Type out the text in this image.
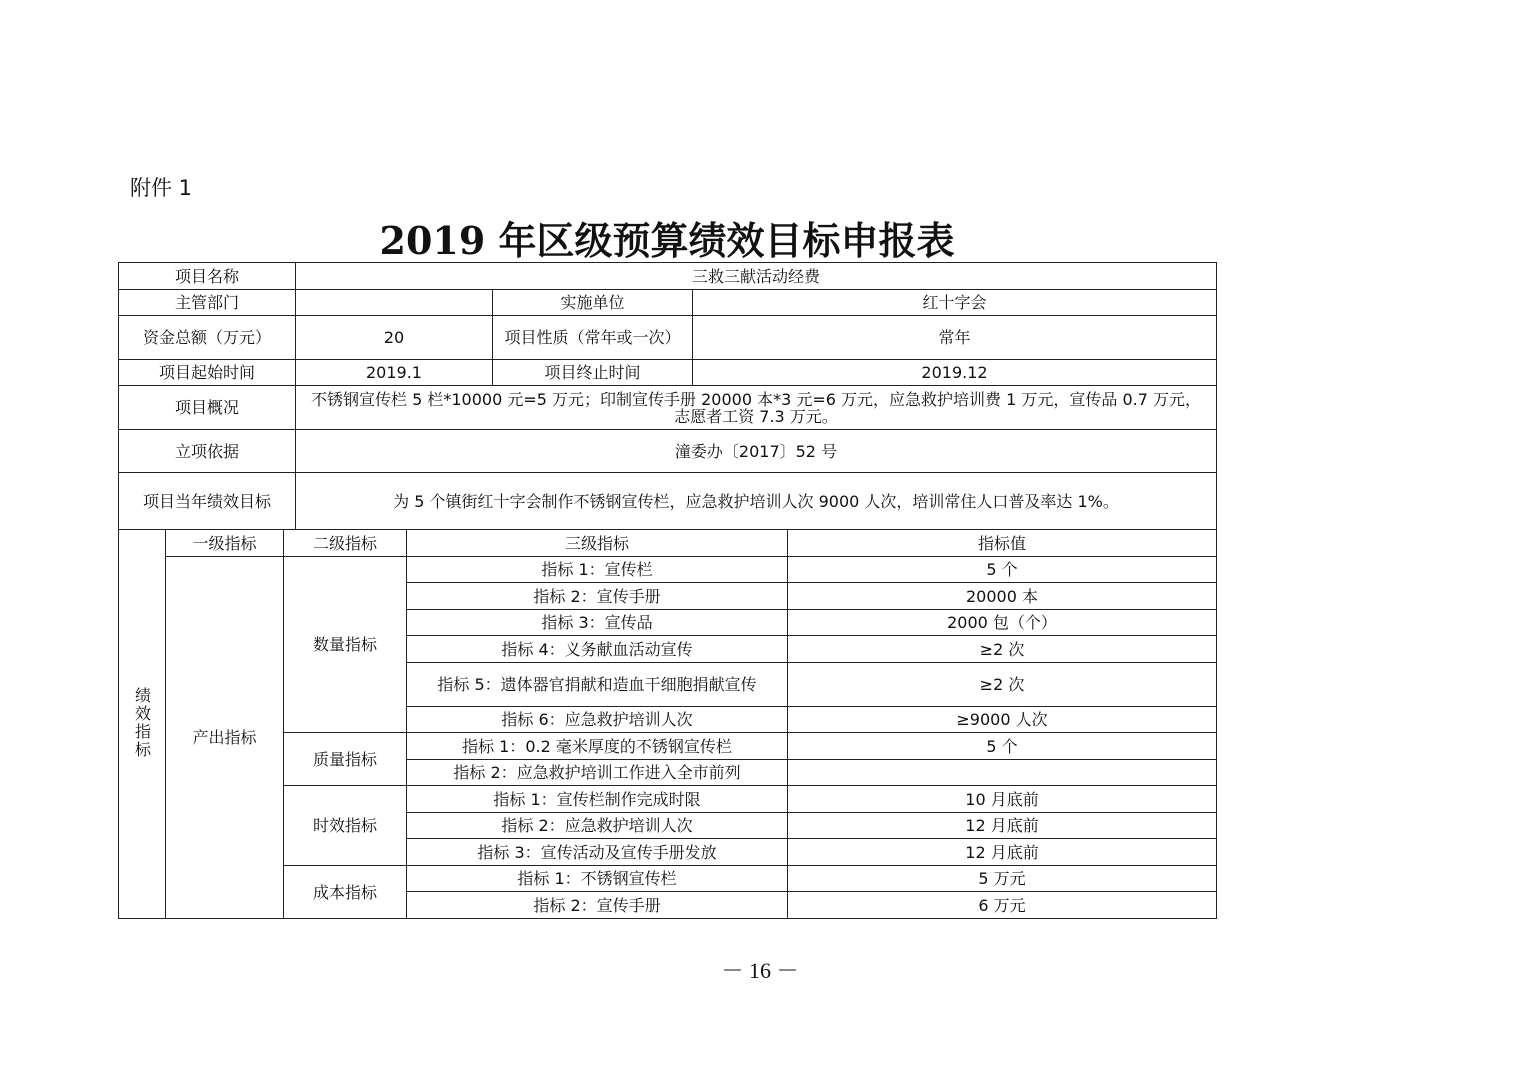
附件 1
2019 年区级预算绩效目标申报表
项目名称	三救三献活动经费		
主管部门		实施单位	红十字会
资金总额（万元）	20	项目性质（常年或一次）	常年
项目起始时间	2019.1	项目终止时间	2019.12
项目概况	不锈钢宣传栏 5 栏*10000 元=5 万元；印制宣传手册 20000 本*3 元=6 万元，应急救护培训费 1 万元，宣传品 0.7 万元，志愿者工资 7.3 万元。		
立项依据	潼委办〔2017〕52 号		
项目当年绩效目标	为 5 个镇街红十字会制作不锈钢宣传栏，应急救护培训人次 9000 人次，培训常住人口普及率达 1%。		
绩效指标	一级指标	二级指标	三级指标	指标值
	产出指标	数量指标	指标 1：宣传栏	5 个
			指标 2：宣传手册	20000 本
			指标 3：宣传品	2000 包（个）
			指标 4：义务献血活动宣传	≥2 次
			指标 5：遗体器官捐献和造血干细胞捐献宣传	≥2 次
			指标 6：应急救护培训人次	≥9000 人次
		质量指标	指标 1：0.2 毫米厚度的不锈钢宣传栏	5 个
			指标 2：应急救护培训工作进入全市前列	
		时效指标	指标 1：宣传栏制作完成时限	10 月底前
			指标 2：应急救护培训人次	12 月底前
			指标 3：宣传活动及宣传手册发放	12 月底前
		成本指标	指标 1：不锈钢宣传栏	5 万元
			指标 2：宣传手册	6 万元
－ 16 －
